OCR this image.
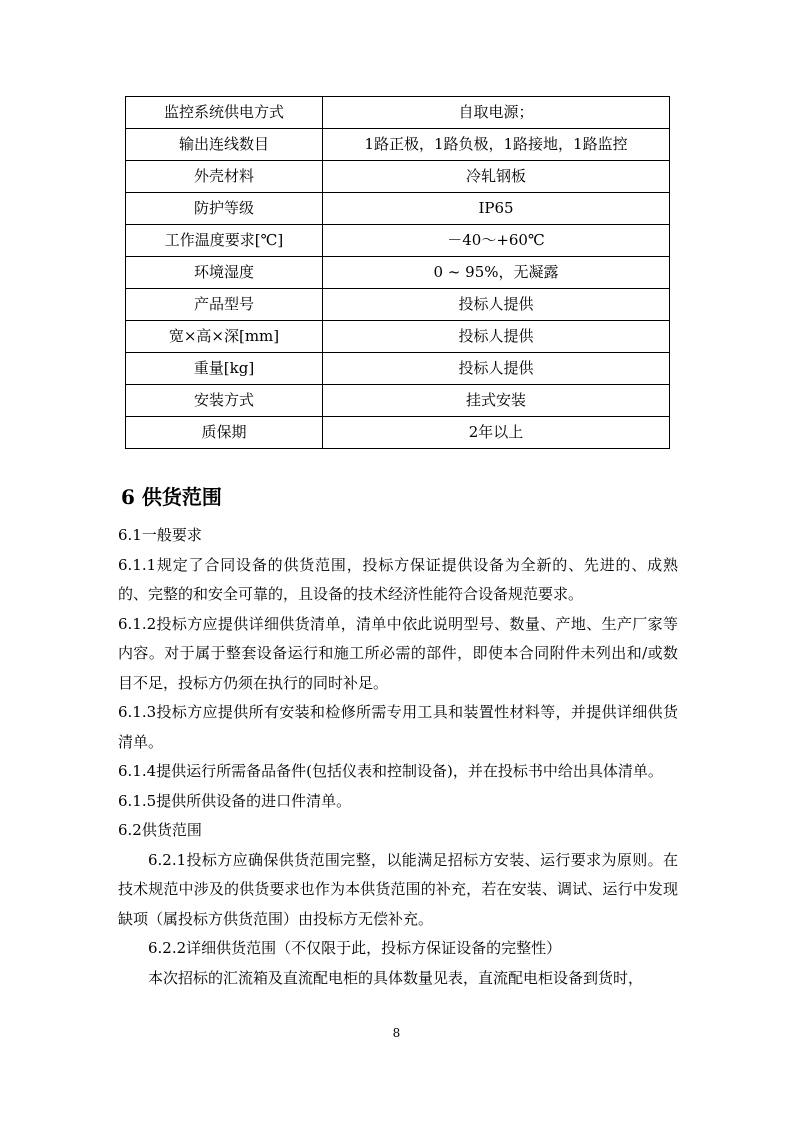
监控系统供电方式	自取电源；
输出连线数目	1路正极，1路负极，1路接地，1路监控
外壳材料	冷轧钢板
防护等级	IP65
工作温度要求[℃]	－40～+60℃
环境湿度	0 ~ 95%，无凝露
产品型号	投标人提供
宽×高×深[mm]	投标人提供
重量[kg]	投标人提供
安装方式	挂式安装
质保期	2年以上
6 供货范围

6.1一般要求

6.1.1规定了合同设备的供货范围，投标方保证提供设备为全新的、先进的、成熟的、完整的和安全可靠的，且设备的技术经济性能符合设备规范要求。

6.1.2投标方应提供详细供货清单，清单中依此说明型号、数量、产地、生产厂家等内容。对于属于整套设备运行和施工所必需的部件，即使本合同附件未列出和/或数目不足，投标方仍须在执行的同时补足。

6.1.3投标方应提供所有安装和检修所需专用工具和装置性材料等，并提供详细供货清单。

6.1.4提供运行所需备品备件(包括仪表和控制设备)，并在投标书中给出具体清单。

6.1.5提供所供设备的进口件清单。

6.2供货范围

6.2.1投标方应确保供货范围完整，以能满足招标方安装、运行要求为原则。在技术规范中涉及的供货要求也作为本供货范围的补充，若在安装、调试、运行中发现缺项（属投标方供货范围）由投标方无偿补充。

6.2.2详细供货范围（不仅限于此，投标方保证设备的完整性）

本次招标的汇流箱及直流配电柜的具体数量见表，直流配电柜设备到货时，

8
